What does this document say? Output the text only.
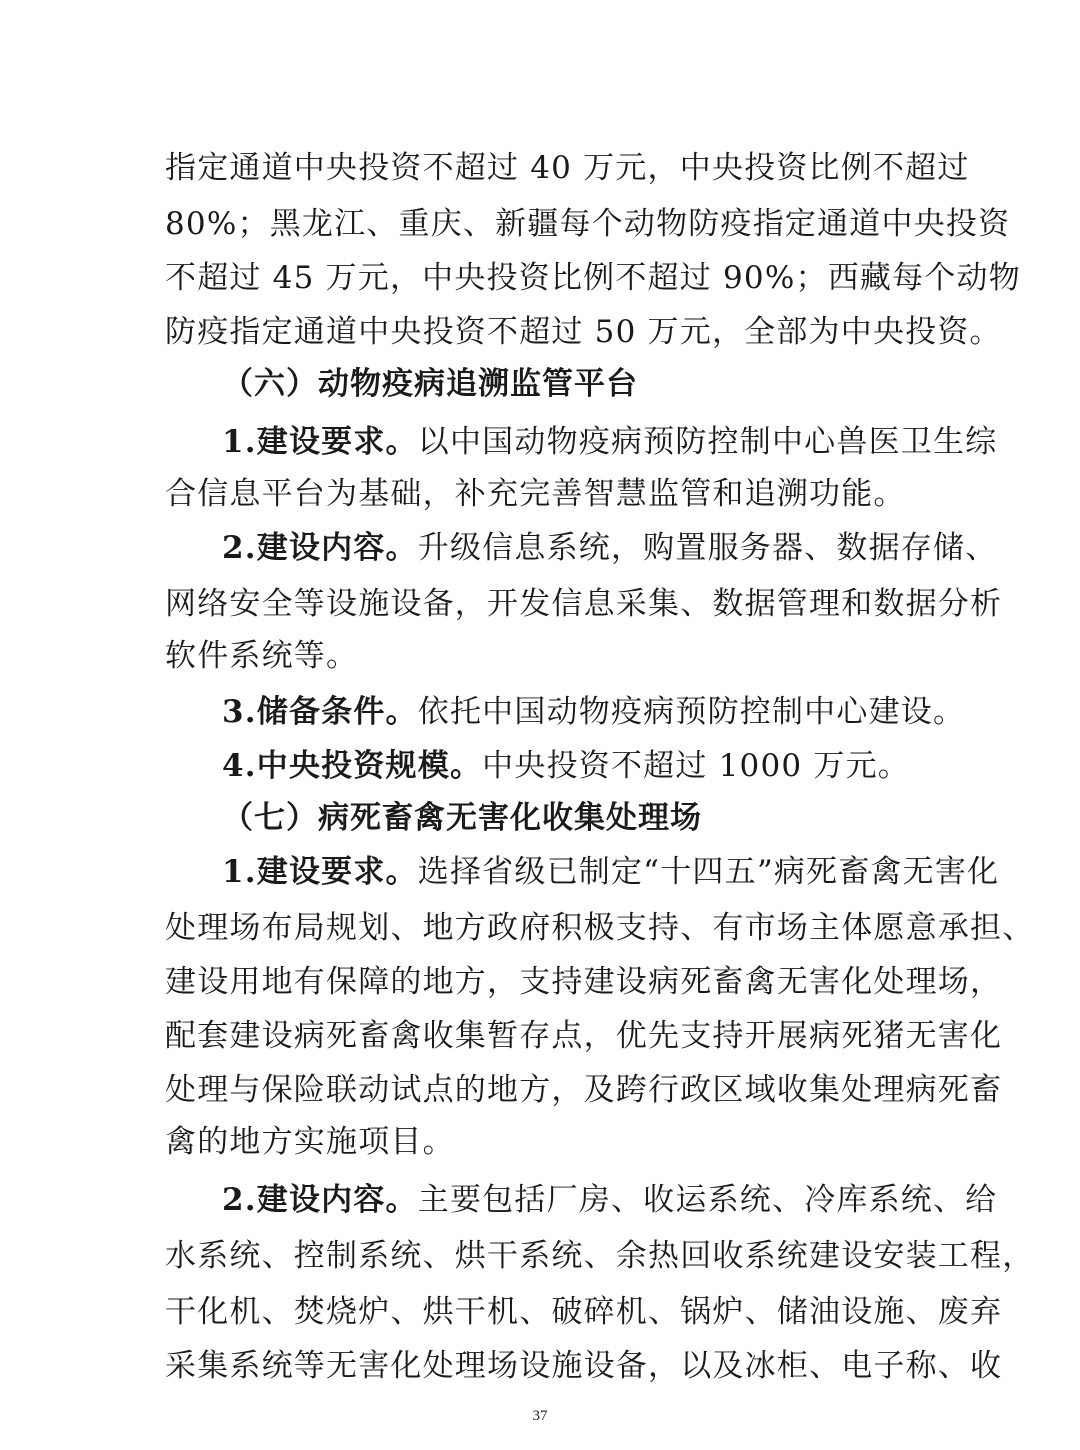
指定通道中央投资不超过 40 万元，中央投资比例不超过
80%；黑龙江、重庆、新疆每个动物防疫指定通道中央投资
不超过 45 万元，中央投资比例不超过 90%；西藏每个动物
防疫指定通道中央投资不超过 50 万元，全部为中央投资。
（六）动物疫病追溯监管平台
1.建设要求。以中国动物疫病预防控制中心兽医卫生综
合信息平台为基础，补充完善智慧监管和追溯功能。
2.建设内容。升级信息系统，购置服务器、数据存储、
网络安全等设施设备，开发信息采集、数据管理和数据分析
软件系统等。
3.储备条件。依托中国动物疫病预防控制中心建设。
4.中央投资规模。中央投资不超过 1000 万元。
（七）病死畜禽无害化收集处理场
1.建设要求。选择省级已制定“十四五”病死畜禽无害化
处理场布局规划、地方政府积极支持、有市场主体愿意承担、
建设用地有保障的地方，支持建设病死畜禽无害化处理场，
配套建设病死畜禽收集暂存点，优先支持开展病死猪无害化
处理与保险联动试点的地方，及跨行政区域收集处理病死畜
禽的地方实施项目。
2.建设内容。主要包括厂房、收运系统、冷库系统、给
水系统、控制系统、烘干系统、余热回收系统建设安装工程，
干化机、焚烧炉、烘干机、破碎机、锅炉、储油设施、废弃
采集系统等无害化处理场设施设备，以及冰柜、电子称、收
37
